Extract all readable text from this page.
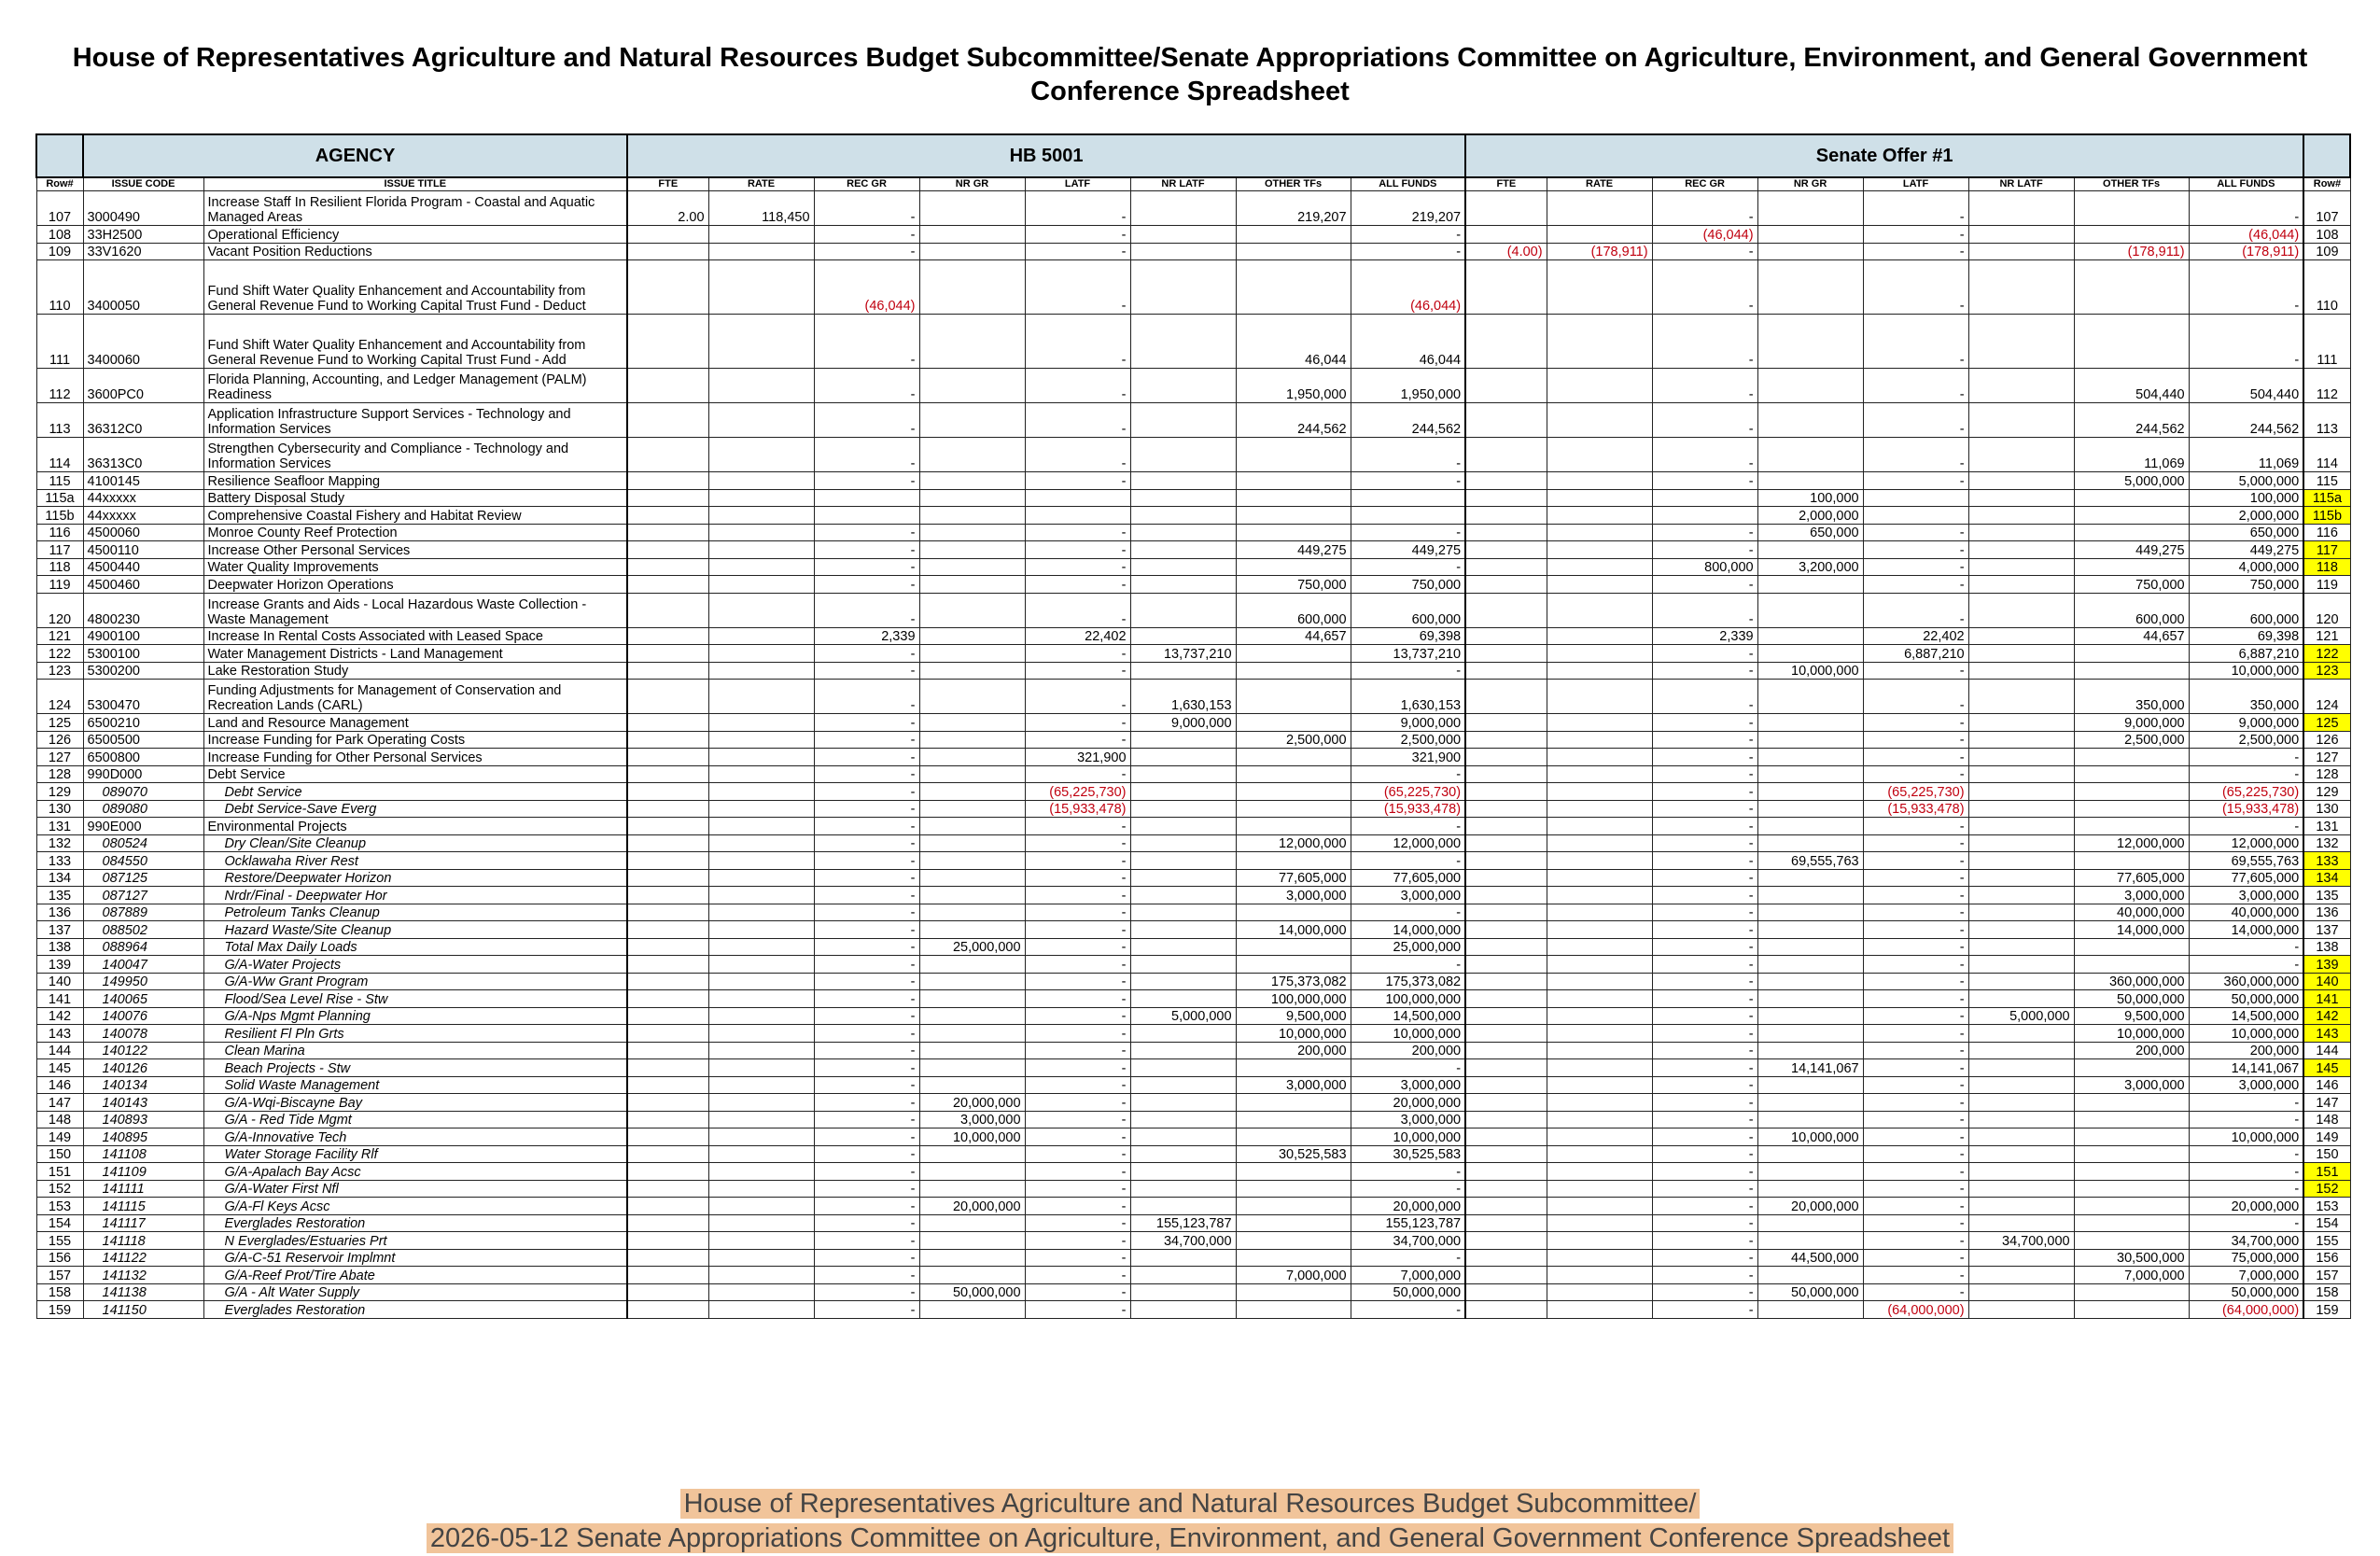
House of Representatives Agriculture and Natural Resources Budget Subcommittee/Senate Appropriations Committee on Agriculture, Environment, and General Government
Conference Spreadsheet
	AGENCY		HB 5001								Senate Offer #1								
Row#	ISSUE CODE	ISSUE TITLE	FTE	RATE	REC GR	NR GR	LATF	NR LATF	OTHER TFs	ALL FUNDS	FTE	RATE	REC GR	NR GR	LATF	NR LATF	OTHER TFs	ALL FUNDS	Row#
107	3000490	Increase Staff In Resilient Florida Program - Coastal and Aquatic Managed Areas	2.00	118,450	-		-		219,207	219,207			-		-			-	107
108	33H2500	Operational Efficiency			-		-			-			(46,044)		-			(46,044)	108
109	33V1620	Vacant Position Reductions			-		-			-	(4.00)	(178,911)	-		-		(178,911)	(178,911)	109
110	3400050	Fund Shift Water Quality Enhancement and Accountability from General Revenue Fund to Working Capital Trust Fund - Deduct			(46,044)		-			(46,044)			-		-			-	110
111	3400060	Fund Shift Water Quality Enhancement and Accountability from General Revenue Fund to Working Capital Trust Fund - Add			-		-		46,044	46,044			-		-			-	111
112	3600PC0	Florida Planning, Accounting, and Ledger Management (PALM) Readiness			-		-		1,950,000	1,950,000			-		-		504,440	504,440	112
113	36312C0	Application Infrastructure Support Services - Technology and Information Services			-		-		244,562	244,562			-		-		244,562	244,562	113
114	36313C0	Strengthen Cybersecurity and Compliance - Technology and Information Services			-		-			-			-		-		11,069	11,069	114
115	4100145	Resilience Seafloor Mapping			-		-			-			-		-		5,000,000	5,000,000	115
115a	44xxxxx	Battery Disposal Study												100,000				100,000	115a
115b	44xxxxx	Comprehensive Coastal Fishery and Habitat Review												2,000,000				2,000,000	115b
116	4500060	Monroe County Reef Protection			-		-			-			-	650,000	-			650,000	116
117	4500110	Increase Other Personal Services			-		-		449,275	449,275			-		-		449,275	449,275	117
118	4500440	Water Quality Improvements			-		-			-			800,000	3,200,000	-			4,000,000	118
119	4500460	Deepwater Horizon Operations			-		-		750,000	750,000			-		-		750,000	750,000	119
120	4800230	Increase Grants and Aids - Local Hazardous Waste Collection - Waste Management			-		-		600,000	600,000			-		-		600,000	600,000	120
121	4900100	Increase In Rental Costs Associated with Leased Space			2,339		22,402		44,657	69,398			2,339		22,402		44,657	69,398	121
122	5300100	Water Management Districts - Land Management			-		-	13,737,210		13,737,210			-		6,887,210			6,887,210	122
123	5300200	Lake Restoration Study			-		-			-			-	10,000,000	-			10,000,000	123
124	5300470	Funding Adjustments for Management of Conservation and Recreation Lands (CARL)			-		-	1,630,153		1,630,153			-		-		350,000	350,000	124
125	6500210	Land and Resource Management			-		-	9,000,000		9,000,000			-		-		9,000,000	9,000,000	125
126	6500500	Increase Funding for Park Operating Costs			-		-		2,500,000	2,500,000			-		-		2,500,000	2,500,000	126
127	6500800	Increase Funding for Other Personal Services			-		321,900			321,900			-		-			-	127
128	990D000	Debt Service			-		-			-			-		-			-	128
129	089070	Debt Service			-		(65,225,730)			(65,225,730)			-		(65,225,730)			(65,225,730)	129
130	089080	Debt Service-Save Everg			-		(15,933,478)			(15,933,478)			-		(15,933,478)			(15,933,478)	130
131	990E000	Environmental Projects			-		-			-			-		-			-	131
132	080524	Dry Clean/Site Cleanup			-		-		12,000,000	12,000,000			-		-		12,000,000	12,000,000	132
133	084550	Ocklawaha River Rest			-		-			-			-	69,555,763	-			69,555,763	133
134	087125	Restore/Deepwater Horizon			-		-		77,605,000	77,605,000			-		-		77,605,000	77,605,000	134
135	087127	Nrdr/Final - Deepwater Hor			-		-		3,000,000	3,000,000			-		-		3,000,000	3,000,000	135
136	087889	Petroleum Tanks Cleanup			-		-			-			-		-		40,000,000	40,000,000	136
137	088502	Hazard Waste/Site Cleanup			-		-		14,000,000	14,000,000			-		-		14,000,000	14,000,000	137
138	088964	Total Max Daily Loads			-	25,000,000	-			25,000,000			-		-			-	138
139	140047	G/A-Water Projects			-		-			-			-		-			-	139
140	149950	G/A-Ww Grant Program			-		-		175,373,082	175,373,082			-		-		360,000,000	360,000,000	140
141	140065	Flood/Sea Level Rise - Stw			-		-		100,000,000	100,000,000			-		-		50,000,000	50,000,000	141
142	140076	G/A-Nps Mgmt Planning			-		-	5,000,000	9,500,000	14,500,000			-		-	5,000,000	9,500,000	14,500,000	142
143	140078	Resilient Fl Pln Grts			-		-		10,000,000	10,000,000			-		-		10,000,000	10,000,000	143
144	140122	Clean Marina			-		-		200,000	200,000			-		-		200,000	200,000	144
145	140126	Beach Projects - Stw			-		-			-			-	14,141,067	-			14,141,067	145
146	140134	Solid Waste Management			-		-		3,000,000	3,000,000			-		-		3,000,000	3,000,000	146
147	140143	G/A-Wqi-Biscayne Bay			-	20,000,000	-			20,000,000			-		-			-	147
148	140893	G/A - Red Tide Mgmt			-	3,000,000	-			3,000,000			-		-			-	148
149	140895	G/A-Innovative Tech			-	10,000,000	-			10,000,000			-	10,000,000	-			10,000,000	149
150	141108	Water Storage Facility Rlf			-		-		30,525,583	30,525,583			-		-			-	150
151	141109	G/A-Apalach Bay Acsc			-		-			-			-		-			-	151
152	141111	G/A-Water First Nfl			-		-			-			-		-			-	152
153	141115	G/A-Fl Keys Acsc			-	20,000,000	-			20,000,000			-	20,000,000	-			20,000,000	153
154	141117	Everglades Restoration			-		-	155,123,787		155,123,787			-		-			-	154
155	141118	N Everglades/Estuaries Prt			-		-	34,700,000		34,700,000			-		-	34,700,000		34,700,000	155
156	141122	G/A-C-51 Reservoir Implmnt			-		-			-			-	44,500,000	-		30,500,000	75,000,000	156
157	141132	G/A-Reef Prot/Tire Abate			-		-		7,000,000	7,000,000			-		-		7,000,000	7,000,000	157
158	141138	G/A - Alt Water Supply			-	50,000,000	-			50,000,000			-	50,000,000	-			50,000,000	158
159	141150	Everglades Restoration			-		-			-			-		(64,000,000)			(64,000,000)	159
House of Representatives Agriculture and Natural Resources Budget Subcommittee/
2026-05-12 Senate Appropriations Committee on Agriculture, Environment, and General Government Conference Spreadsheet
